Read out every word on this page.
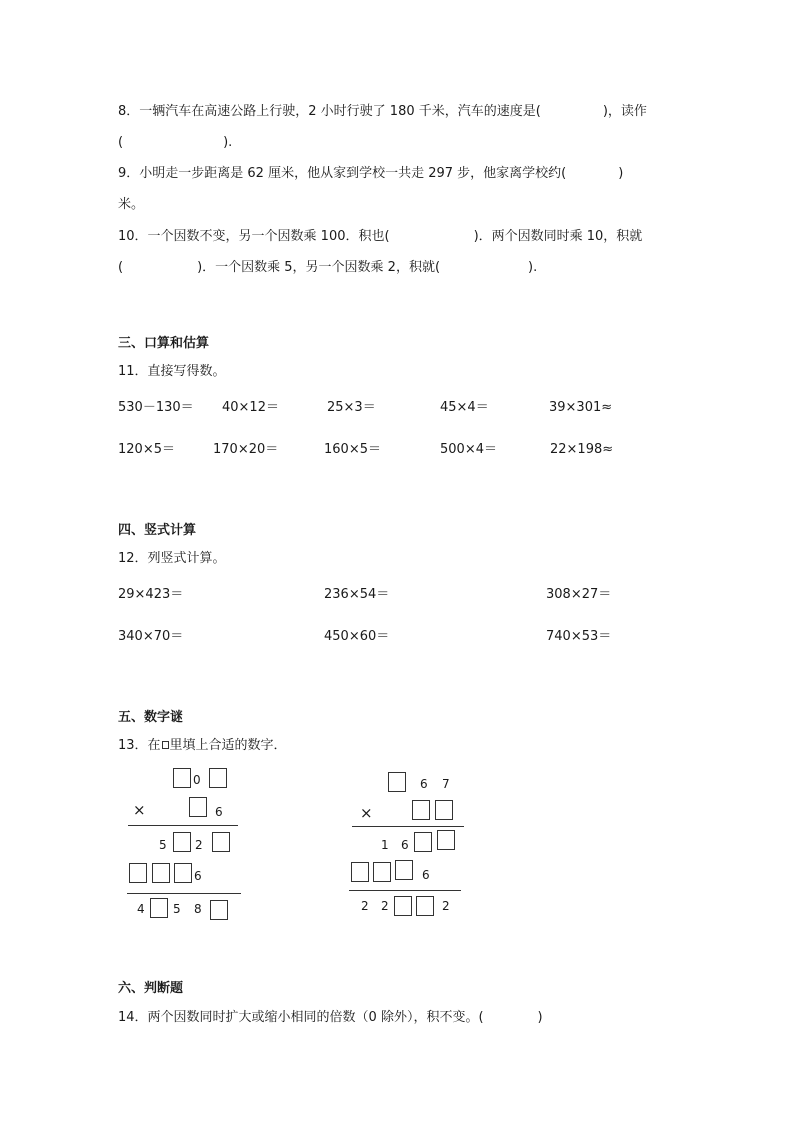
8．一辆汽车在高速公路上行驶，2 小时行驶了 180 千米，汽车的速度是(	)，读作
(	).
9．小明走一步距离是 62 厘米，他从家到学校一共走 297 步，他家离学校约(	)
米。
10．一个因数不变，另一个因数乘 100．积也(	)．两个因数同时乘 10，积就
(	)．一个因数乘 5，另一个因数乘 2，积就(	).
三、口算和估算
11．直接写得数。
530－130＝ 40×12＝	25×3＝	45×4＝	39×301≈
120×5＝	170×20＝	160×5＝	500×4＝	22×198≈
四、竖式计算
12．列竖式计算。
29×423＝	236×54＝	308×27＝
340×70＝	450×60＝	740×53＝
五、数字谜
13．在 里填上合适的数字．
0
×	6
5 2
6
4 5 8
6 7
×
1 6
6
2 2	2
六、判断题
14．两个因数同时扩大或缩小相同的倍数（0 除外），积不变。(	)
